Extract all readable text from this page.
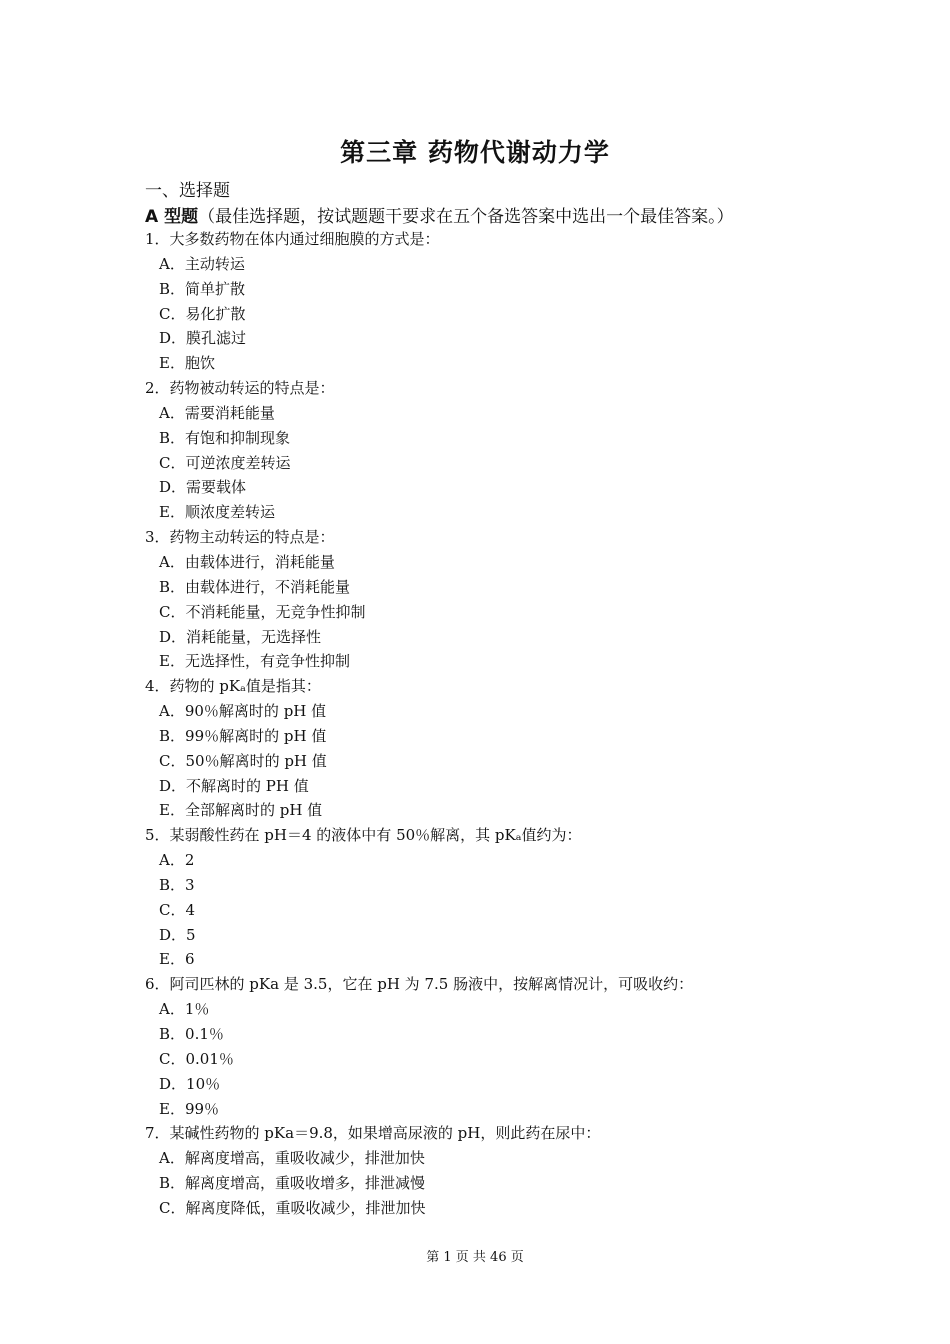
第三章 药物代谢动力学
一、选择题
A 型题（最佳选择题，按试题题干要求在五个备选答案中选出一个最佳答案。）
1．大多数药物在体内通过细胞膜的方式是：
A．主动转运
B．简单扩散
C．易化扩散
D．膜孔滤过
E．胞饮
2．药物被动转运的特点是：
A．需要消耗能量
B．有饱和抑制现象
C．可逆浓度差转运
D．需要载体
E．顺浓度差转运
3．药物主动转运的特点是：
A．由载体进行，消耗能量
B．由载体进行，不消耗能量
C．不消耗能量，无竞争性抑制
D．消耗能量，无选择性
E．无选择性，有竞争性抑制
4．药物的 pKₐ值是指其：
A．90％解离时的 pH 值
B．99％解离时的 pH 值
C．50％解离时的 pH 值
D．不解离时的 PH 值
E．全部解离时的 pH 值
5．某弱酸性药在 pH＝4 的液体中有 50％解离，其 pKₐ值约为：
A．2
B．3
C．4
D．5
E．6
6．阿司匹林的 pKa 是 3.5，它在 pH 为 7.5 肠液中，按解离情况计，可吸收约：
A．1％
B．0.1％
C．0.01％
D．10％
E．99％
7．某碱性药物的 pKa＝9.8，如果增高尿液的 pH，则此药在尿中：
A．解离度增高，重吸收减少，排泄加快
B．解离度增高，重吸收增多，排泄减慢
C．解离度降低，重吸收减少，排泄加快
第 1 页 共 46 页
